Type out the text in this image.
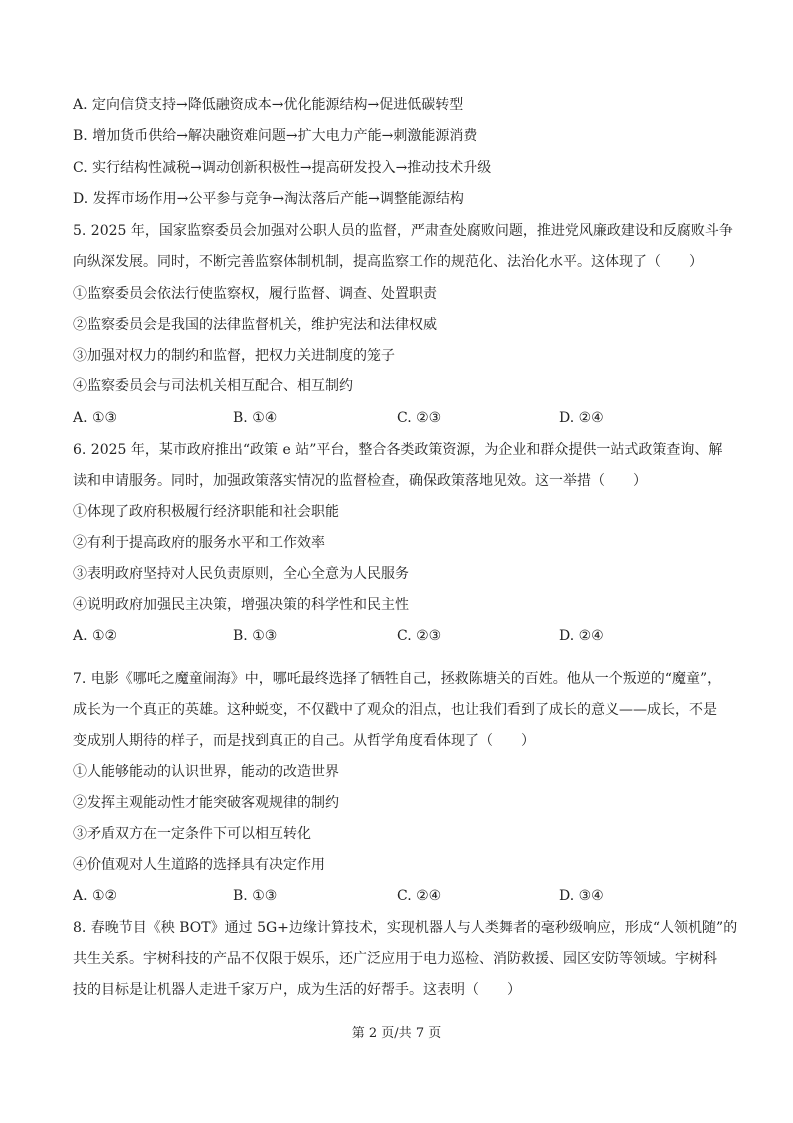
A. 定向信贷支持→降低融资成本→优化能源结构→促进低碳转型
B. 增加货币供给→解决融资难问题→扩大电力产能→刺激能源消费
C. 实行结构性减税→调动创新积极性→提高研发投入→推动技术升级
D. 发挥市场作用→公平参与竞争→淘汰落后产能→调整能源结构
5. 2025 年，国家监察委员会加强对公职人员的监督，严肃查处腐败问题，推进党风廉政建设和反腐败斗争
向纵深发展。同时，不断完善监察体制机制，提高监察工作的规范化、法治化水平。这体现了（　　）
①监察委员会依法行使监察权，履行监督、调查、处置职责
②监察委员会是我国的法律监督机关，维护宪法和法律权威
③加强对权力的制约和监督，把权力关进制度的笼子
④监察委员会与司法机关相互配合、相互制约
A. ①③	B. ①④	C. ②③	D. ②④
6. 2025 年，某市政府推出“政策 e 站”平台，整合各类政策资源，为企业和群众提供一站式政策查询、解
读和申请服务。同时，加强政策落实情况的监督检查，确保政策落地见效。这一举措（　　）
①体现了政府积极履行经济职能和社会职能
②有利于提高政府的服务水平和工作效率
③表明政府坚持对人民负责原则，全心全意为人民服务
④说明政府加强民主决策，增强决策的科学性和民主性
A. ①②	B. ①③	C. ②③	D. ②④
7. 电影《哪吒之魔童闹海》中，哪吒最终选择了牺牲自己，拯救陈塘关的百姓。他从一个叛逆的“魔童”，
成长为一个真正的英雄。这种蜕变，不仅戳中了观众的泪点，也让我们看到了成长的意义——成长，不是
变成别人期待的样子，而是找到真正的自己。从哲学角度看体现了（　　）
①人能够能动的认识世界，能动的改造世界
②发挥主观能动性才能突破客观规律的制约
③矛盾双方在一定条件下可以相互转化
④价值观对人生道路的选择具有决定作用
A. ①②	B. ①③	C. ②④	D. ③④
8. 春晚节目《秧 BOT》通过 5G+边缘计算技术，实现机器人与人类舞者的毫秒级响应，形成“人领机随”的
共生关系。宇树科技的产品不仅限于娱乐，还广泛应用于电力巡检、消防救援、园区安防等领域。宇树科
技的目标是让机器人走进千家万户，成为生活的好帮手。这表明（　　）
第 2 页/共 7 页
